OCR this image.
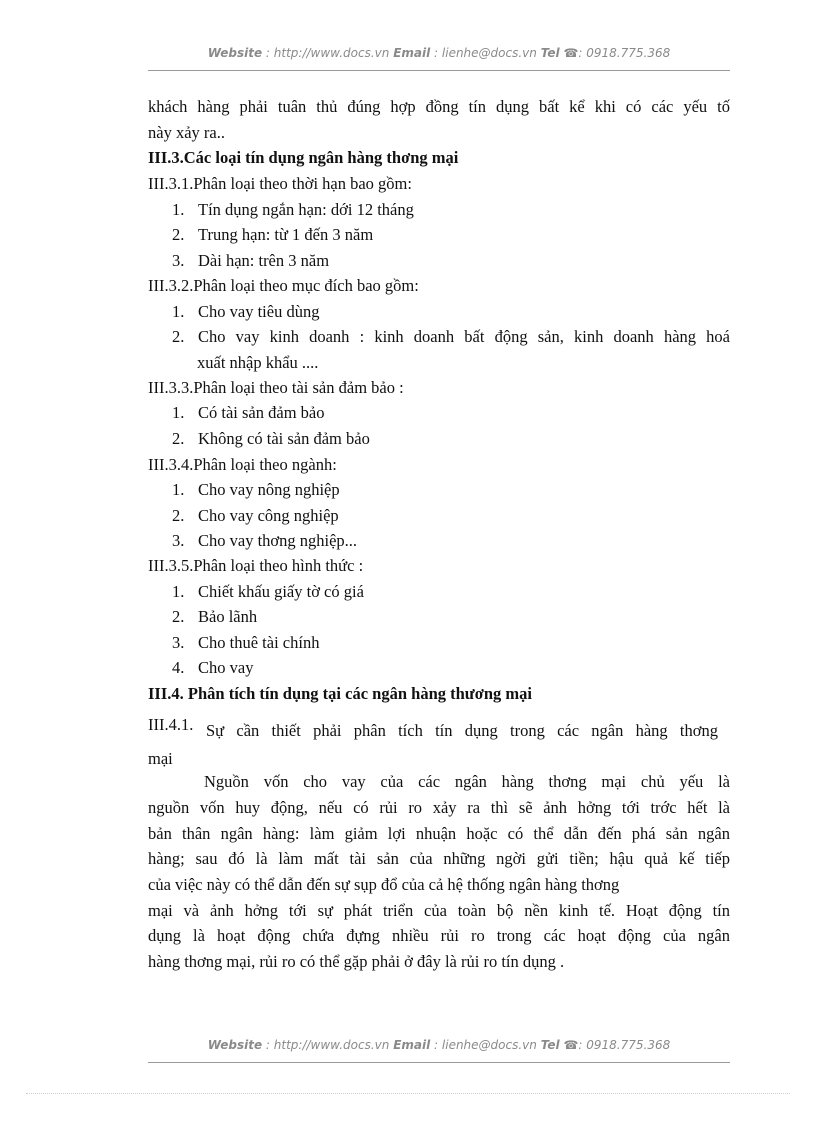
Website : http://www.docs.vn Email : lienhe@docs.vn Tel ☎: 0918.775.368
khách hàng phải tuân thủ đúng hợp đồng tín dụng bất kể khi có các yếu tố
này xảy ra..
III.3.Các loại tín dụng ngân hàng thơng mại
III.3.1.Phân loại theo thời hạn bao gồm:
1. Tín dụng ngắn hạn: dới 12 tháng
2. Trung hạn: từ 1 đến 3 năm
3. Dài hạn: trên 3 năm
III.3.2.Phân loại theo mục đích bao gồm:
1. Cho vay tiêu dùng
2. Cho vay kinh doanh : kinh doanh bất động sản, kinh doanh hàng hoá
xuất nhập khẩu ....
III.3.3.Phân loại theo tài sản đảm bảo :
1. Có tài sản đảm bảo
2. Không có tài sản đảm bảo
III.3.4.Phân loại theo ngành:
1. Cho vay nông nghiệp
2. Cho vay công nghiệp
3. Cho vay thơng nghiệp...
III.3.5.Phân loại theo hình thức :
1. Chiết khấu giấy tờ có giá
2. Bảo lãnh
3. Cho thuê tài chính
4. Cho vay
III.4. Phân tích tín dụng tại các ngân hàng thương mại
III.4.1. Sự cần thiết phải phân tích tín dụng trong các ngân hàng thơng
mại
Nguồn vốn cho vay của các ngân hàng thơng mại chủ yếu là
nguồn vốn huy động, nếu có rủi ro xảy ra thì sẽ ảnh hởng tới trớc hết là
bản thân ngân hàng: làm giảm lợi nhuận hoặc có thể dẫn đến phá sản ngân
hàng; sau đó là làm mất tài sản của những ngời gửi tiền; hậu quả kế tiếp
của việc này có thể dẫn đến sự sụp đổ của cả hệ thống ngân hàng thơng
mại và ảnh hởng tới sự phát triển của toàn bộ nền kinh tế. Hoạt động tín
dụng là hoạt động chứa đựng nhiều rủi ro trong các hoạt động của ngân
hàng thơng mại, rủi ro có thể gặp phải ở đây là rủi ro tín dụng .
Website : http://www.docs.vn Email : lienhe@docs.vn Tel ☎: 0918.775.368
